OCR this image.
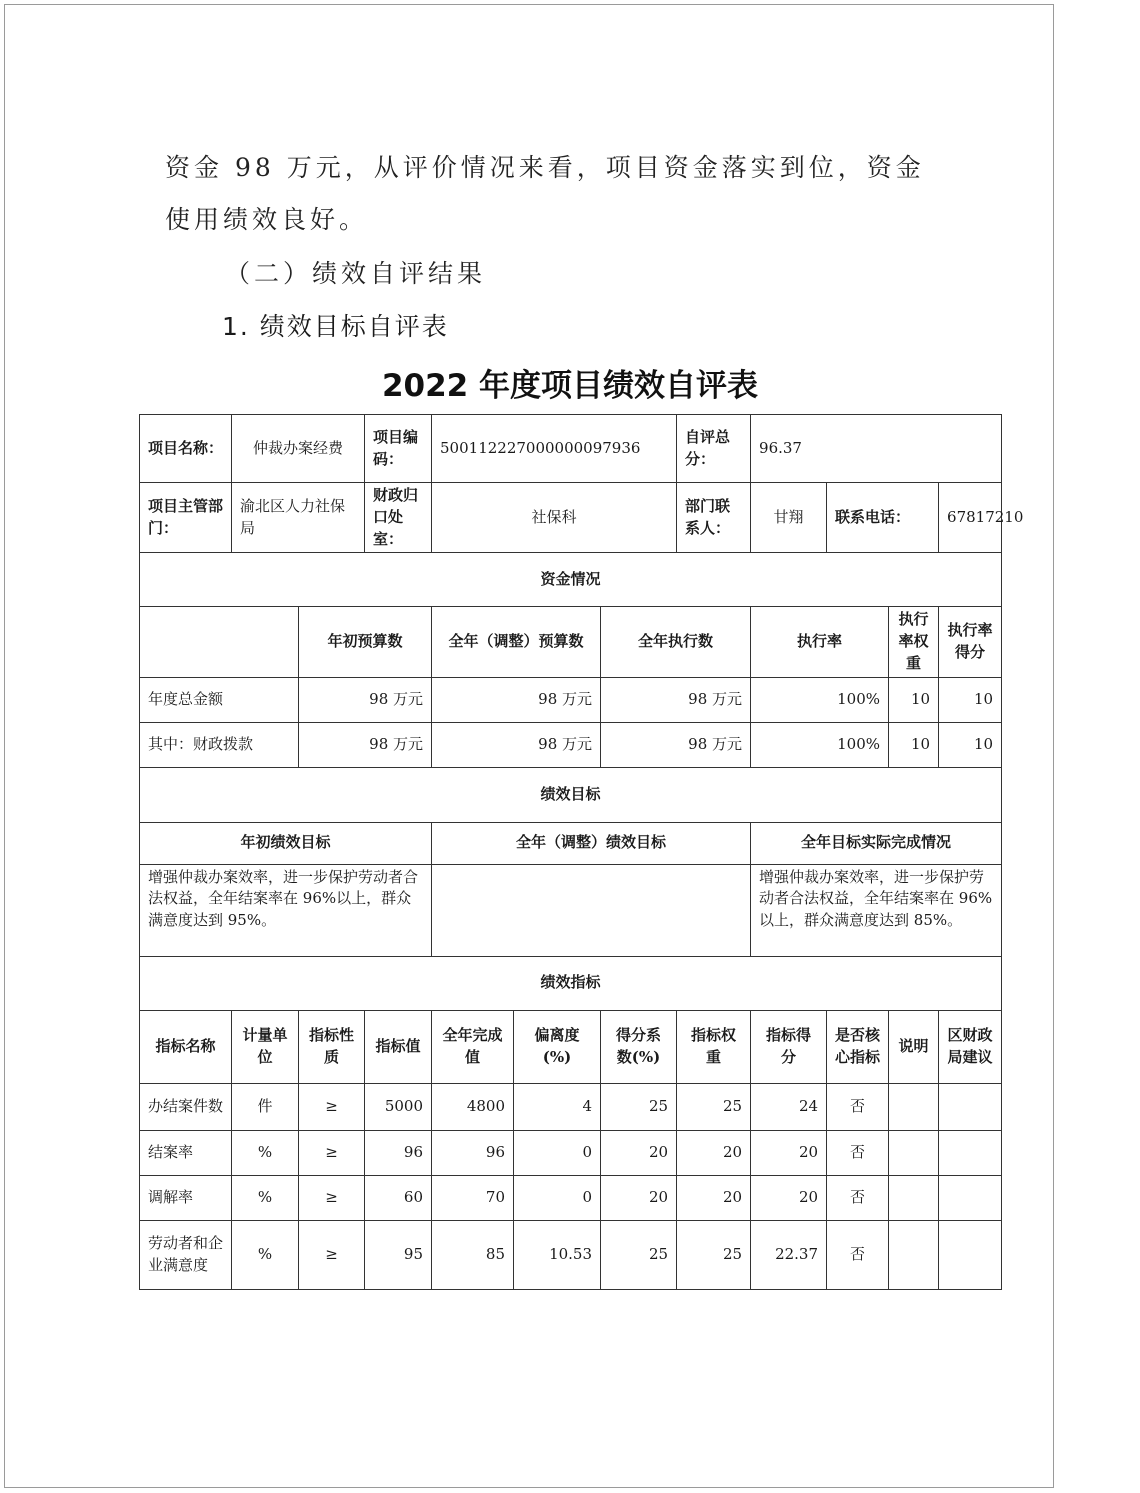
资金 98 万元，从评价情况来看，项目资金落实到位，资金
使用绩效良好。
（二）绩效自评结果
1. 绩效目标自评表
2022 年度项目绩效自评表
项目名称：	仲裁办案经费		项目编码：	500112227000000097936			自评总分：	96.37			
项目主管部门：	渝北区人力社保局		财政归口处室：	社保科			部门联系人：	甘翔	联系电话：		67817210
资金情况											
		年初预算数		全年（调整）预算数		全年执行数		执行率		执行率权重	执行率得分
年度总金额		98 万元		98 万元		98 万元		100%		10	10
其中：财政拨款		98 万元		98 万元		98 万元		100%		10	10
绩效目标											
年初绩效目标				全年（调整）绩效目标				全年目标实际完成情况			
增强仲裁办案效率，进一步保护劳动者合法权益，全年结案率在 96%以上，群众满意度达到 95%。								增强仲裁办案效率，进一步保护劳动者合法权益，全年结案率在 96%以上，群众满意度达到 85%。			
绩效指标											
指标名称	计量单位	指标性质	指标值	全年完成值	偏离度(%)	得分系数(%)	指标权重	指标得分	是否核心指标	说明	区财政局建议
办结案件数	件	≥	5000	4800	4	25	25	24	否		
结案率	%	≥	96	96	0	20	20	20	否		
调解率	%	≥	60	70	0	20	20	20	否		
劳动者和企业满意度	%	≥	95	85	10.53	25	25	22.37	否		
